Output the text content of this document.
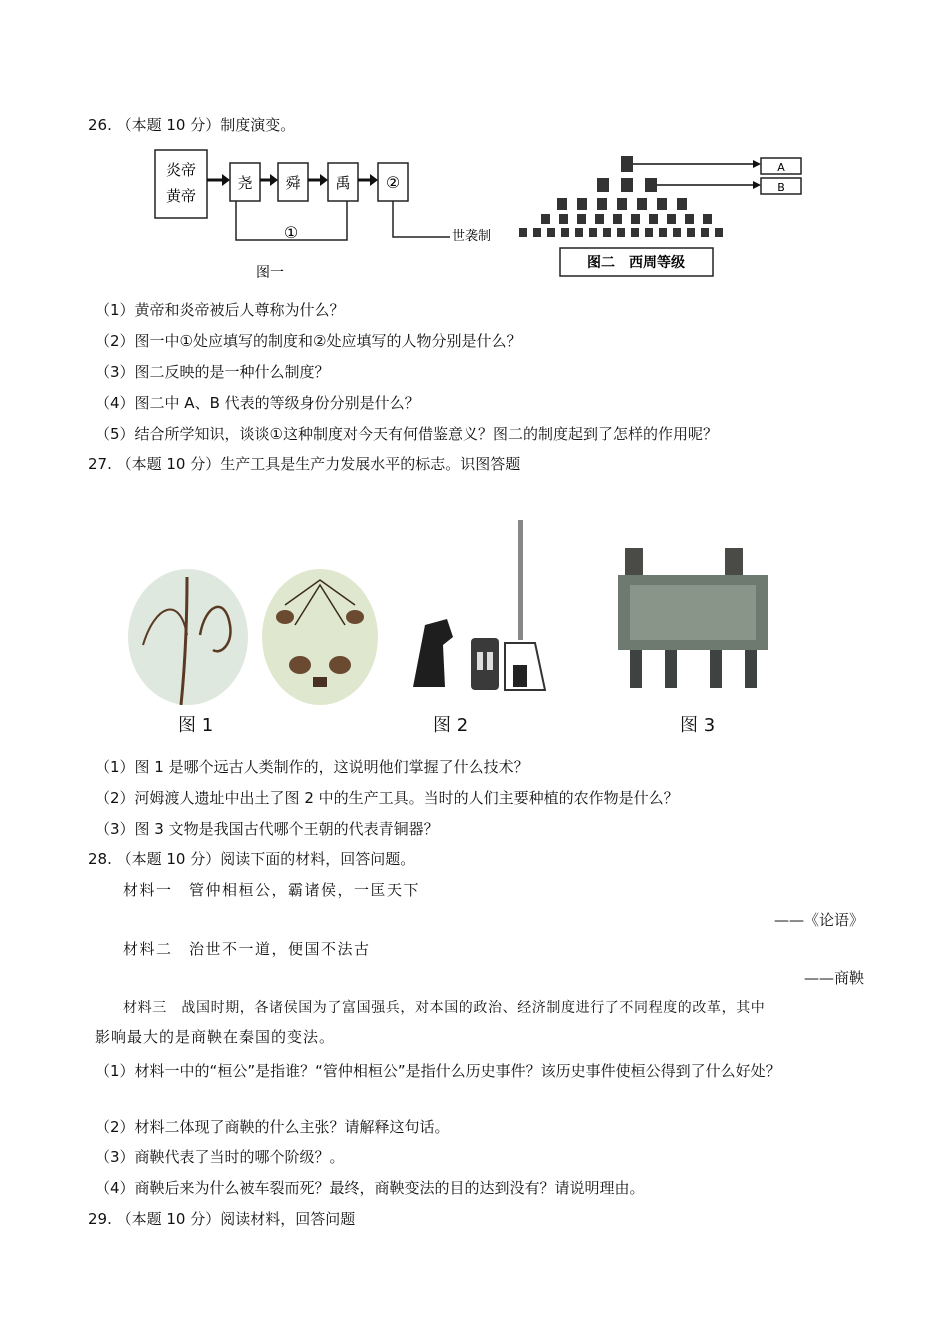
26. （本题 10 分）制度演变。
炎帝
黄帝
尧 舜 禹 ②
①	世袭制
图一
A
B
图二　西周等级
（1）黄帝和炎帝被后人尊称为什么？
（2）图一中①处应填写的制度和②处应填写的人物分别是什么？
（3）图二反映的是一种什么制度？
（4）图二中 A、B 代表的等级身份分别是什么？
（5）结合所学知识，谈谈①这种制度对今天有何借鉴意义？图二的制度起到了怎样的作用呢？
27. （本题 10 分）生产工具是生产力发展水平的标志。识图答题
图 1	图 2	图 3
（1）图 1 是哪个远古人类制作的，这说明他们掌握了什么技术？
（2）河姆渡人遗址中出土了图 2 中的生产工具。当时的人们主要种植的农作物是什么？
（3）图 3 文物是我国古代哪个王朝的代表青铜器？
28. （本题 10 分）阅读下面的材料，回答问题。
材料一　管仲相桓公，霸诸侯，一匡天下
——《论语》
材料二　治世不一道，便国不法古
——商鞅
材料三　战国时期，各诸侯国为了富国强兵，对本国的政治、经济制度进行了不同程度的改革，其中
影响最大的是商鞅在秦国的变法。
（1）材料一中的“桓公”是指谁？“管仲相桓公”是指什么历史事件？该历史事件使桓公得到了什么好处？
（2）材料二体现了商鞅的什么主张？请解释这句话。
（3）商鞅代表了当时的哪个阶级？。
（4）商鞅后来为什么被车裂而死？最终，商鞅变法的目的达到没有？请说明理由。
29. （本题 10 分）阅读材料，回答问题
